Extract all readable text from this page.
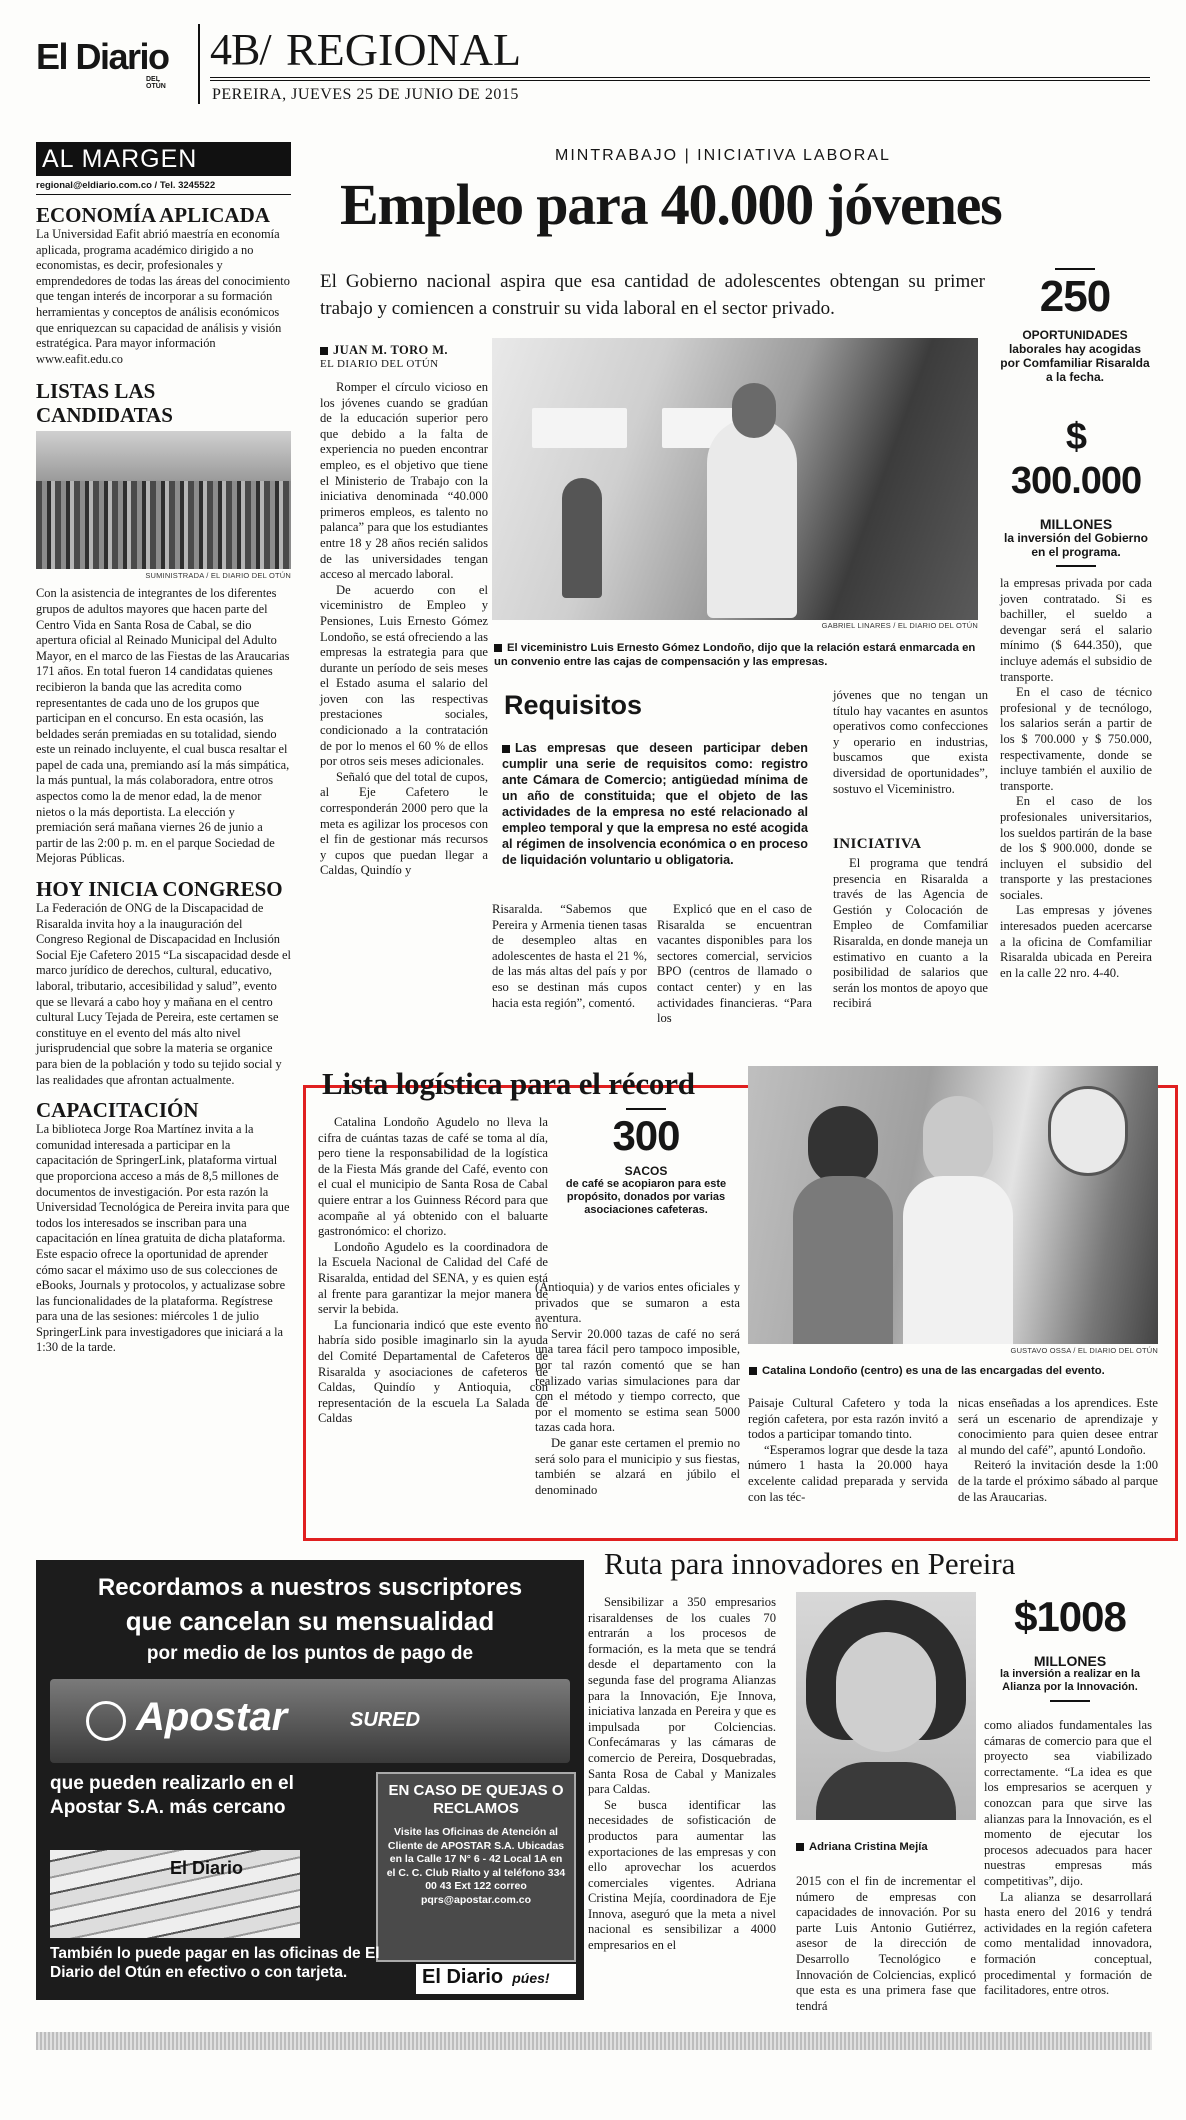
El Diario
DEL OTÚN
4B/ REGIONAL
PEREIRA, JUEVES 25 DE JUNIO DE 2015
AL MARGEN
regional@eldiario.com.co / Tel. 3245522
ECONOMÍA APLICADA
La Universidad Eafit abrió maestría en economía aplicada, programa académico dirigido a no economistas, es decir, profesionales y emprendedores de todas las áreas del conocimiento que tengan interés de incorporar a su formación herramientas y conceptos de análisis económicos que enriquezcan su capacidad de análisis y visión estratégica. Para mayor información www.eafit.edu.co
LISTAS LAS CANDIDATAS
SUMINISTRADA / EL DIARIO DEL OTÚN
Con la asistencia de integrantes de los diferentes grupos de adultos mayores que hacen parte del Centro Vida en Santa Rosa de Cabal, se dio apertura oficial al Reinado Municipal del Adulto Mayor, en el marco de las Fiestas de las Araucarias 171 años. En total fueron 14 candidatas quienes recibieron la banda que las acredita como representantes de cada uno de los grupos que participan en el concurso. En esta ocasión, las beldades serán premiadas en su totalidad, siendo este un reinado incluyente, el cual busca resaltar el papel de cada una, premiando así la más simpática, la más puntual, la más colaboradora, entre otros aspectos como la de menor edad, la de menor nietos o la más deportista. La elección y premiación será mañana viernes 26 de junio a partir de las 2:00 p. m. en el parque Sociedad de Mejoras Públicas.
HOY INICIA CONGRESO
La Federación de ONG de la Discapacidad de Risaralda invita hoy a la inauguración del Congreso Regional de Discapacidad en Inclusión Social Eje Cafetero 2015 “La siscapacidad desde el marco jurídico de derechos, cultural, educativo, laboral, tributario, accesibilidad y salud”, evento que se llevará a cabo hoy y mañana en el centro cultural Lucy Tejada de Pereira, este certamen se constituye en el evento del más alto nivel jurisprudencial que sobre la materia se organice para bien de la población y todo su tejido social y las realidades que afrontan actualmente.
CAPACITACIÓN
La biblioteca Jorge Roa Martínez invita a la comunidad interesada a participar en la capacitación de SpringerLink, plataforma virtual que proporciona acceso a más de 8,5 millones de documentos de investigación. Por esta razón la Universidad Tecnológica de Pereira invita para que todos los interesados se inscriban para una capacitación en línea gratuita de dicha plataforma. Este espacio ofrece la oportunidad de aprender cómo sacar el máximo uso de sus colecciones de eBooks, Journals y protocolos, y actualizase sobre las funcionalidades de la plataforma. Regístrese para una de las sesiones: miércoles 1 de julio SpringerLink para investigadores que iniciará a la 1:30 de la tarde.
MINTRABAJO | INICIATIVA LABORAL
Empleo para 40.000 jóvenes
El Gobierno nacional aspira que esa cantidad de adolescentes obtengan su primer trabajo y comiencen a construir su vida laboral en el sector privado.
JUAN M. TORO M.
EL DIARIO DEL OTÚN

Romper el círculo vicioso en los jóvenes cuando se gradúan de la educación superior pero que debido a la falta de experiencia no pueden encontrar empleo, es el objetivo que tiene el Ministerio de Trabajo con la iniciativa denominada “40.000 primeros empleos, es talento no palanca” para que los estudiantes entre 18 y 28 años recién salidos de las universidades tengan acceso al mercado laboral.

De acuerdo con el viceministro de Empleo y Pensiones, Luis Ernesto Gómez Londoño, se está ofreciendo a las empresas la estrategia para que durante un período de seis meses el Estado asuma el salario del joven con las respectivas prestaciones sociales, condicionado a la contratación de por lo menos el 60 % de ellos por otros seis meses adicionales.

Señaló que del total de cupos, al Eje Cafetero le corresponderán 2000 pero que la meta es agilizar los procesos con el fin de gestionar más recursos y cupos que puedan llegar a Caldas, Quindío y

GABRIEL LINARES / EL DIARIO DEL OTÚN
El viceministro Luis Ernesto Gómez Londoño, dijo que la relación estará enmarcada en un convenio entre las cajas de compensación y las empresas.
Requisitos
Las empresas que deseen participar deben cumplir una serie de requisitos como: registro ante Cámara de Comercio; antigüedad mínima de un año de constituida; que el objeto de las actividades de la empresa no esté relacionado al empleo temporal y que la empresa no esté acogida al régimen de insolvencia económica o en proceso de liquidación voluntario u obligatoria.

Risaralda. “Sabemos que Pereira y Armenia tienen tasas de desempleo altas en adolescentes de hasta el 21 %, de las más altas del país y por eso se destinan más cupos hacia esta región”, comentó.

Explicó que en el caso de Risaralda se encuentran vacantes disponibles para los sectores comercial, servicios BPO (centros de llamado o contact center) y en las actividades financieras. “Para los

jóvenes que no tengan un título hay vacantes en asuntos operativos como confecciones y operario en industrias, buscamos que exista diversidad de oportunidades”, sostuvo el Viceministro.

INICIATIVA

El programa que tendrá presencia en Risaralda a través de las Agencia de Gestión y Colocación de Empleo de Comfamiliar Risaralda, en donde maneja un estimativo en cuanto a la posibilidad de salarios que serán los montos de apoyo que recibirá

250
OPORTUNIDADES
laborales hay acogidas por Comfamiliar Risaralda a la fecha.
$ 300.000
MILLONES
la inversión del Gobierno en el programa.

la empresas privada por cada joven contratado. Si es bachiller, el sueldo a devengar será el salario mínimo ($ 644.350), que incluye además el subsidio de transporte.

En el caso de técnico profesional y de tecnólogo, los salarios serán a partir de los $ 700.000 y $ 750.000, respectivamente, donde se incluye también el auxilio de transporte.

En el caso de los profesionales universitarios, los sueldos partirán de la base de los $ 900.000, donde se incluyen el subsidio del transporte y las prestaciones sociales.

Las empresas y jóvenes interesados pueden acercarse a la oficina de Comfamiliar Risaralda ubicada en Pereira en la calle 22 nro. 4-40.

Lista logística para el récord

Catalina Londoño Agudelo no lleva la cifra de cuántas tazas de café se toma al día, pero tiene la responsabilidad de la logística de la Fiesta Más grande del Café, evento con el cual el municipio de Santa Rosa de Cabal quiere entrar a los Guinness Récord para que acompañe al yá obtenido con el baluarte gastronómico: el chorizo.

Londoño Agudelo es la coordinadora de la Escuela Nacional de Calidad del Café de Risaralda, entidad del SENA, y es quien está al frente para garantizar la mejor manera de servir la bebida.

La funcionaria indicó que este evento no habría sido posible imaginarlo sin la ayuda del Comité Departamental de Cafeteros de Risaralda y asociaciones de cafeteros de Caldas, Quindío y Antioquia, con representación de la escuela La Salada de Caldas

300
SACOS
de café se acopiaron para este propósito, donados por varias asociaciones cafeteras.

(Antioquia) y de varios entes oficiales y privados que se sumaron a esta aventura.

Servir 20.000 tazas de café no será una tarea fácil pero tampoco imposible, por tal razón comentó que se han realizado varias simulaciones para dar con el método y tiempo correcto, que por el momento se estima sean 5000 tazas cada hora.

De ganar este certamen el premio no será solo para el municipio y sus fiestas, también se alzará en júbilo el denominado

GUSTAVO OSSA / EL DIARIO DEL OTÚN
Catalina Londoño (centro) es una de las encargadas del evento.

Paisaje Cultural Cafetero y toda la región cafetera, por esta razón invitó a todos a participar tomando tinto.

“Esperamos lograr que desde la taza número 1 hasta la 20.000 haya excelente calidad preparada y servida con las téc-

nicas enseñadas a los aprendices. Este será un escenario de aprendizaje y conocimiento para quien desee entrar al mundo del café”, apuntó Londoño.

Reiteró la invitación desde la 1:00 de la tarde el próximo sábado al parque de las Araucarias.

Recordamos a nuestros suscriptores
que cancelan su mensualidad
por medio de los puntos de pago de
Apostar	SURED
que pueden realizarlo en el
Apostar S.A. más cercano
El Diario
EN CASO DE QUEJAS O RECLAMOS
Visite las Oficinas de Atención al Cliente de APOSTAR S.A. Ubicadas en la Calle 17 N° 6 - 42 Local 1A en el C. C. Club Rialto y al teléfono 334 00 43 Ext 122 correo pqrs@apostar.com.co
También lo puede pagar en las oficinas de El Diario del Otún en efectivo o con tarjeta.	El Diario púes!
Ruta para innovadores en Pereira

Sensibilizar a 350 empresarios risaraldenses de los cuales 70 entrarán a los procesos de formación, es la meta que se tendrá desde el departamento con la segunda fase del programa Alianzas para la Innovación, Eje Innova, iniciativa lanzada en Pereira y que es impulsada por Colciencias. Confecámaras y las cámaras de comercio de Pereira, Dosquebradas, Santa Rosa de Cabal y Manizales para Caldas.

Se busca identificar las necesidades de sofisticación de productos para aumentar las exportaciones de las empresas y con ello aprovechar los acuerdos comerciales vigentes. Adriana Cristina Mejía, coordinadora de Eje Innova, aseguró que la meta a nivel nacional es sensibilizar a 4000 empresarios en el

Adriana Cristina Mejía

2015 con el fin de incrementar el número de empresas con capacidades de innovación. Por su parte Luis Antonio Gutiérrez, asesor de la dirección de Desarrollo Tecnológico e Innovación de Colciencias, explicó que esta es una primera fase que tendrá

$1008
MILLONES
la inversión a realizar en la Alianza por la Innovación.

como aliados fundamentales las cámaras de comercio para que el proyecto sea viabilizado correctamente. “La idea es que los empresarios se acerquen y conozcan para que sirve las alianzas para la Innovación, es el momento de ejecutar los procesos adecuados para hacer nuestras empresas más competitivas”, dijo.

La alianza se desarrollará hasta enero del 2016 y tendrá actividades en la región cafetera como mentalidad innovadora, formación conceptual, procedimental y formación de facilitadores, entre otros.
